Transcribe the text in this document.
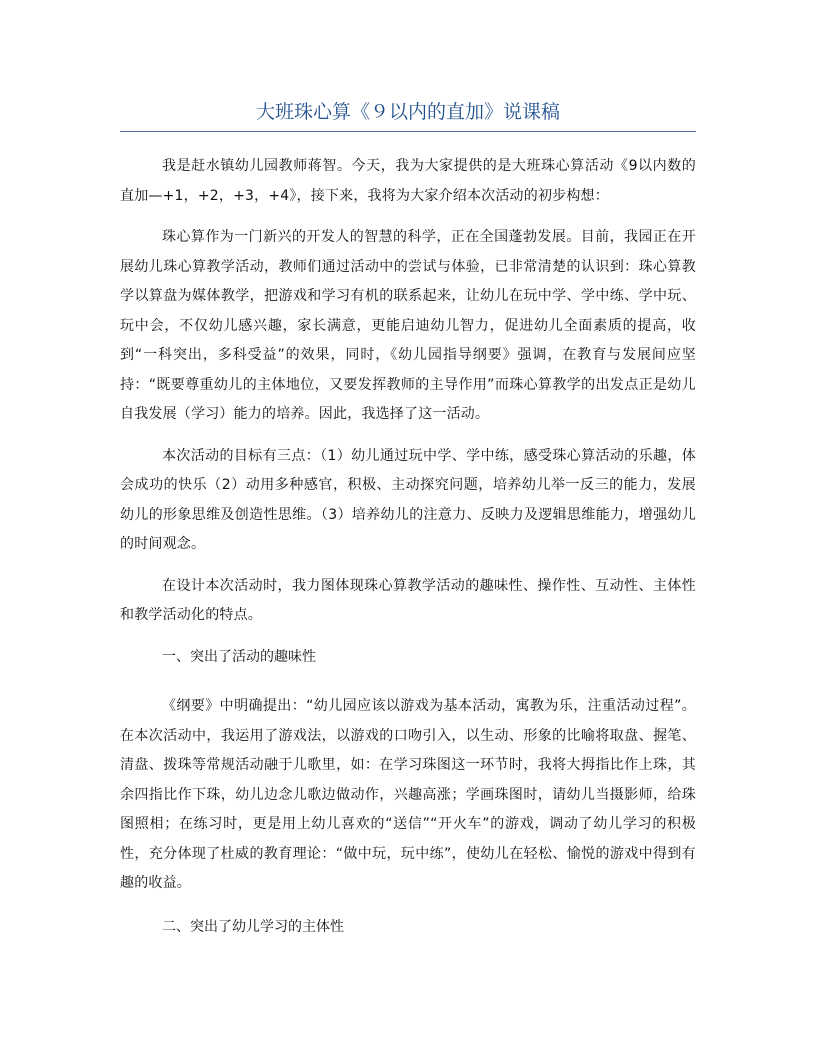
大班珠心算《９以内的直加》说课稿

我是赶水镇幼儿园教师蒋智。今天，我为大家提供的是大班珠心算活动《9以内数的直加—+1，+2，+3，+4》，接下来，我将为大家介绍本次活动的初步构想：

珠心算作为一门新兴的开发人的智慧的科学，正在全国蓬勃发展。目前，我园正在开展幼儿珠心算教学活动，教师们通过活动中的尝试与体验，已非常清楚的认识到：珠心算教学以算盘为媒体教学，把游戏和学习有机的联系起来，让幼儿在玩中学、学中练、学中玩、玩中会，不仅幼儿感兴趣，家长满意，更能启迪幼儿智力，促进幼儿全面素质的提高，收到“一科突出，多科受益”的效果，同时，《幼儿园指导纲要》强调，在教育与发展间应坚持：“既要尊重幼儿的主体地位，又要发挥教师的主导作用”而珠心算教学的出发点正是幼儿自我发展（学习）能力的培养。因此，我选择了这一活动。

本次活动的目标有三点：（1）幼儿通过玩中学、学中练，感受珠心算活动的乐趣，体会成功的快乐（2）动用多种感官，积极、主动探究问题，培养幼儿举一反三的能力，发展幼儿的形象思维及创造性思维。（3）培养幼儿的注意力、反映力及逻辑思维能力，增强幼儿的时间观念。

在设计本次活动时，我力图体现珠心算教学活动的趣味性、操作性、互动性、主体性和教学活动化的特点。

一、突出了活动的趣味性

《纲要》中明确提出：“幼儿园应该以游戏为基本活动，寓教为乐，注重活动过程”。在本次活动中，我运用了游戏法，以游戏的口吻引入，以生动、形象的比喻将取盘、握笔、清盘、拨珠等常规活动融于儿歌里，如：在学习珠图这一环节时，我将大拇指比作上珠，其余四指比作下珠，幼儿边念儿歌边做动作，兴趣高涨；学画珠图时，请幼儿当摄影师，给珠图照相；在练习时，更是用上幼儿喜欢的“送信”“开火车”的游戏，调动了幼儿学习的积极性，充分体现了杜威的教育理论：“做中玩，玩中练”，使幼儿在轻松、愉悦的游戏中得到有趣的收益。

二、突出了幼儿学习的主体性
